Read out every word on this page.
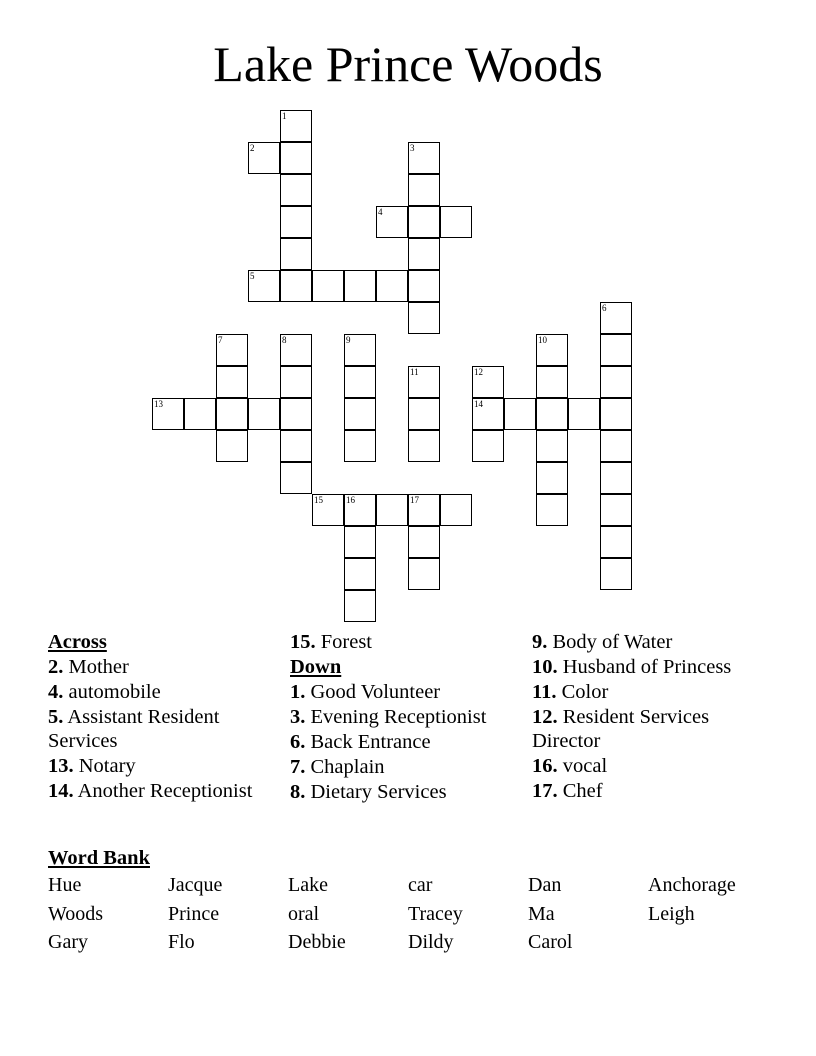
Lake Prince Woods
1
2	3
4
5
6
7	8	9	10
11	12
14
13
15	16	17
Across
2. Mother
4. automobile
5. Assistant Resident Services
13. Notary
14. Another Receptionist
15. Forest
Down
1. Good Volunteer
3. Evening Receptionist
6. Back Entrance
7. Chaplain
8. Dietary Services
9. Body of Water
10. Husband of Princess
11. Color
12. Resident Services Director
16. vocal
17. Chef
Word Bank
Hue	Jacque	Lake	car	Dan	Anchorage
Woods	Prince	oral	Tracey	Ma	Leigh
Gary	Flo	Debbie	Dildy	Carol
